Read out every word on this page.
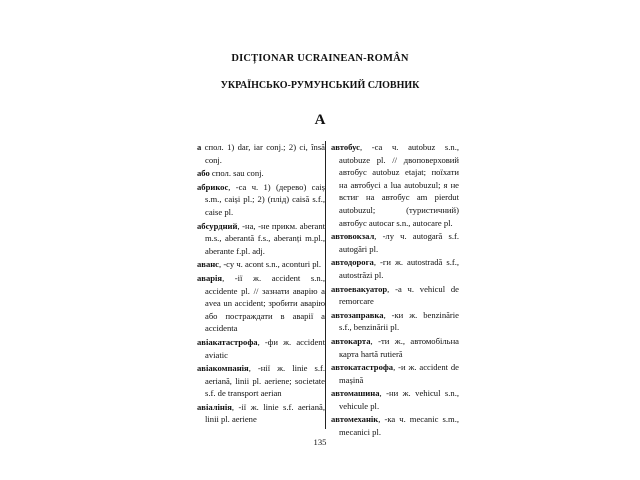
DICȚIONAR UCRAINEAN-ROMÂN
УКРАЇНСЬКО-РУМУНСЬКИЙ СЛОВНИК
A

а спол. 1) dar, iar conj.; 2) ci, însă conj.

або спол. sau conj.

абрикос, -са ч. 1) (дерево) caiș s.m., caiși pl.; 2) (плід) caisă s.f., caise pl.

абсурдний, -на, -не прикм. aberant m.s., aberantă f.s., aberanți m.pl., aberante f.pl. adj.

аванс, -су ч. acont s.n., aconturi pl.

аварія, -ії ж. accident s.n., accidente pl. // зазнати аварію a avea un accident; зробити аварію або постраждати в аварії a accidenta

авіакатастрофа, -фи ж. accident aviatic

авіакомпанія, -нії ж. linie s.f. aeriană, linii pl. aeriene; societate s.f. de transport aerian

авіалінія, -ії ж. linie s.f. aeriană, linii pl. aeriene

автобус, -са ч. autobuz s.n., autobuze pl. // двоповерховий автобус autobuz etajat; поїхати на автобусі a lua autobuzul; я не встиг на автобус am pierdut autobuzul; (туристичний) автобус autocar s.n., autocare pl.

автовокзал, -лу ч. autogară s.f. autogări pl.

автодорога, -ги ж. autostradă s.f., autostrăzi pl.

автоевакуатор, -а ч. vehicul de remorcare

автозаправка, -ки ж. benzinărie s.f., benzinării pl.

автокарта, -ти ж., автомобільна карта hartă rutieră

автокатастрофа, -и ж. accident de mașină

автомашина, -ни ж. vehicul s.n., vehicule pl.

автомеханік, -ка ч. mecanic s.m., mecanici pl.

135
